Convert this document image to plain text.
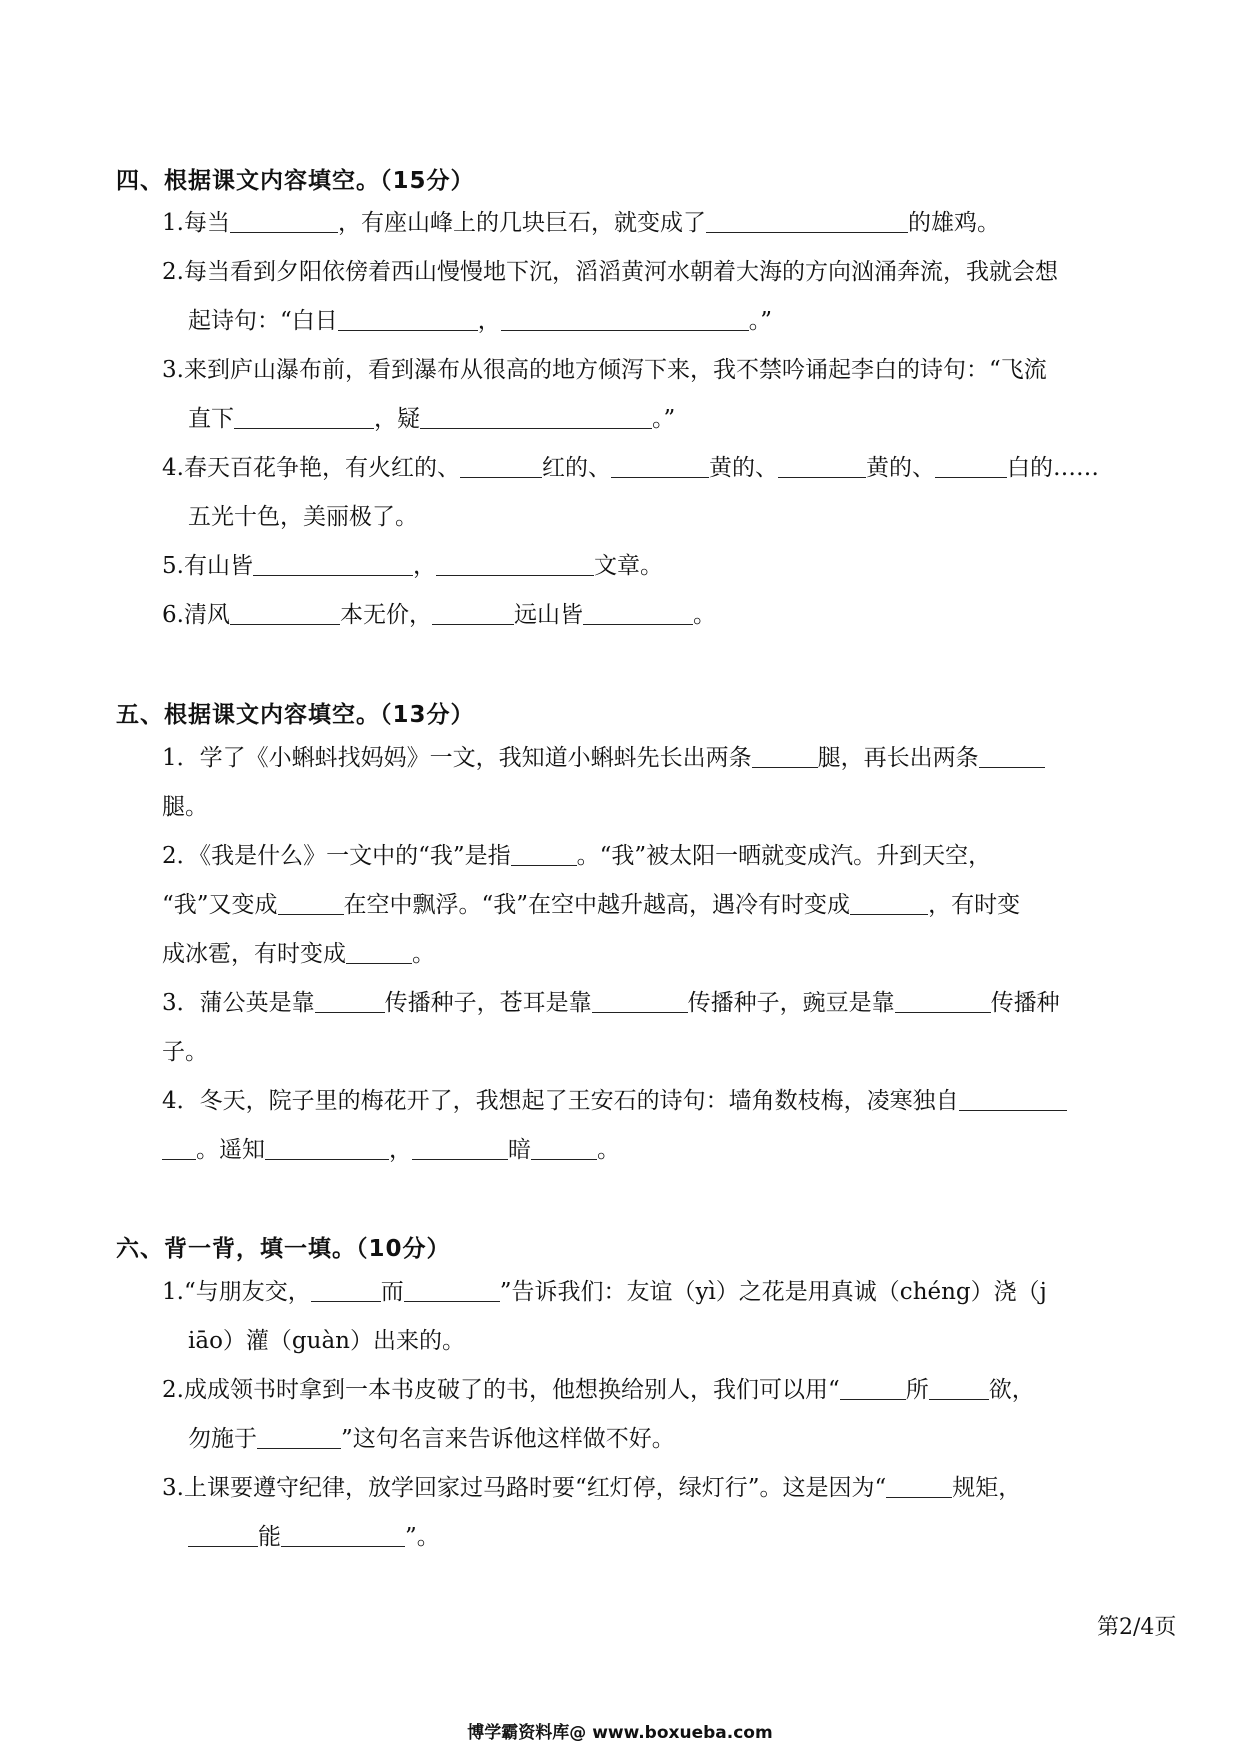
四、根据课文内容填空。（15分）
1.每当	，有座山峰上的几块巨石，就变成了	的雄鸡。
2.每当看到夕阳依傍着西山慢慢地下沉，滔滔黄河水朝着大海的方向汹涌奔流，我就会想
起诗句：“白日	，	。”
3.来到庐山瀑布前，看到瀑布从很高的地方倾泻下来，我不禁吟诵起李白的诗句：“飞流
直下	，疑	。”
4.春天百花争艳，有火红的、	红的、	黄的、	黄的、	白的……
五光十色，美丽极了。
5.有山皆	，	文章。
6.清风	本无价，	远山皆	。
五、根据课文内容填空。（13分）
1．学了《小蝌蚪找妈妈》一文，我知道小蝌蚪先长出两条	腿，再长出两条
腿。
2．《我是什么》一文中的“我”是指	。“我”被太阳一晒就变成汽。升到天空，
“我”又变成	在空中飘浮。“我”在空中越升越高，遇冷有时变成	，有时变
成冰雹，有时变成	。
3．蒲公英是靠	传播种子，苍耳是靠	传播种子，豌豆是靠	传播种
子。
4．冬天，院子里的梅花开了，我想起了王安石的诗句：墙角数枝梅，凌寒独自
。遥知	，	暗	。
六、背一背，填一填。（10分）
1.“与朋友交，	而	”告诉我们：友谊（yì）之花是用真诚（chéng）浇（j
iāo）灌（guàn）出来的。
2.成成领书时拿到一本书皮破了的书，他想换给别人，我们可以用“	所	欲，
勿施于	”这句名言来告诉他这样做不好。
3.上课要遵守纪律，放学回家过马路时要“红灯停，绿灯行”。这是因为“	规矩，
能	”。
第2/4页
博学霸资料库@ www.boxueba.com
